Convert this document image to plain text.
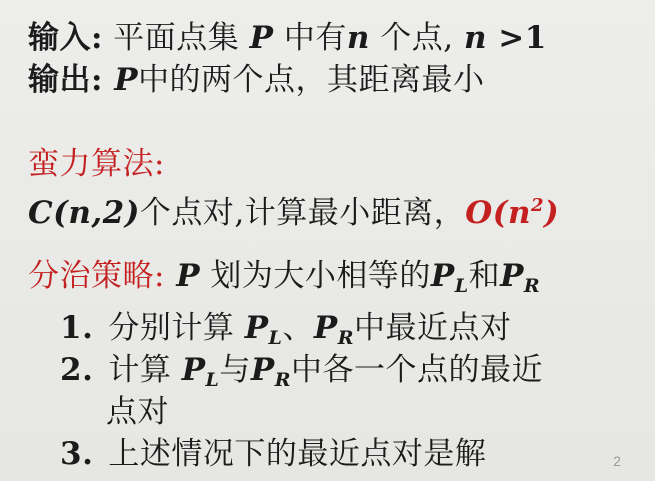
输入: 平面点集 P 中有n 个点, n >1
输出: P中的两个点，其距离最小
蛮力算法:
C(n,2)个点对,计算最小距离，$O(n^2)$
分治策略: P 划为大小相等的$P_L$和$P_R$
1. 分别计算 $P_L$、$P_R$中最近点对
2. 计算 $P_L$与$P_R$中各一个点的最近
点对
3. 上述情况下的最近点对是解	2
